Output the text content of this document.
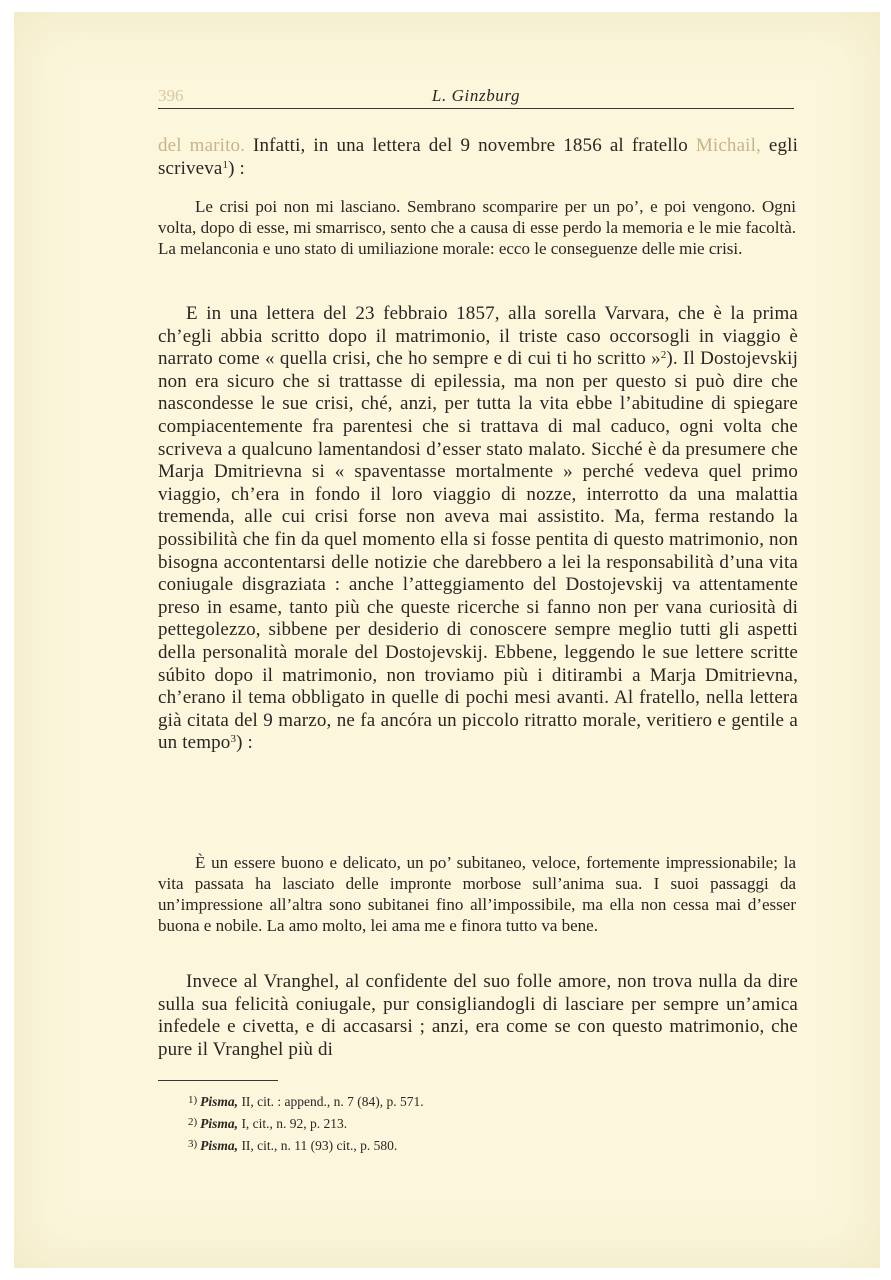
396	L. Ginzburg
del marito. Infatti, in una lettera del 9 novembre 1856 al fratello Michail, egli scriveva$^1$) :
Le crisi poi non mi lasciano. Sembrano scomparire per un po’, e poi vengono. Ogni volta, dopo di esse, mi smarrisco, sento che a causa di esse perdo la memoria e le mie facoltà. La melanconia e uno stato di umiliazione morale: ecco le conseguenze delle mie crisi.
E in una lettera del 23 febbraio 1857, alla sorella Varvara, che è la prima ch’egli abbia scritto dopo il matrimonio, il triste caso occorsogli in viaggio è narrato come « quella crisi, che ho sempre e di cui ti ho scritto »$^2$). Il Dostojevskij non era sicuro che si trattasse di epilessia, ma non per questo si può dire che nascondesse le sue crisi, ché, anzi, per tutta la vita ebbe l’abitudine di spiegare compiacentemente fra parentesi che si trattava di mal caduco, ogni volta che scriveva a qualcuno lamentandosi d’esser stato malato. Sicché è da presumere che Marja Dmitrievna si « spaventasse mortalmente » perché vedeva quel primo viaggio, ch’era in fondo il loro viaggio di nozze, interrotto da una malattia tremenda, alle cui crisi forse non aveva mai assistito. Ma, ferma restando la possibilità che fin da quel momento ella si fosse pentita di questo matrimonio, non bisogna accontentarsi delle notizie che darebbero a lei la responsabilità d’una vita coniugale disgraziata : anche l’atteggiamento del Dostojevskij va attentamente preso in esame, tanto più che queste ricerche si fanno non per vana curiosità di pettegolezzo, sibbene per desiderio di conoscere sempre meglio tutti gli aspetti della personalità morale del Dostojevskij. Ebbene, leggendo le sue lettere scritte súbito dopo il matrimonio, non troviamo più i ditirambi a Marja Dmitrievna, ch’erano il tema obbligato in quelle di pochi mesi avanti. Al fratello, nella lettera già citata del 9 marzo, ne fa ancóra un piccolo ritratto morale, veritiero e gentile a un tempo$^3$) :
È un essere buono e delicato, un po’ subitaneo, veloce, fortemente impressionabile; la vita passata ha lasciato delle impronte morbose sull’anima sua. I suoi passaggi da un’impressione all’altra sono subitanei fino all’impossibile, ma ella non cessa mai d’esser buona e nobile. La amo molto, lei ama me e finora tutto va bene.
Invece al Vranghel, al confidente del suo folle amore, non trova nulla da dire sulla sua felicità coniugale, pur consigliandogli di lasciare per sempre un’amica infedele e civetta, e di accasarsi ; anzi, era come se con questo matrimonio, che pure il Vranghel più di
$^{1)}$ Pisma, II, cit. : append., n. 7 (84), p. 571.
$^{2)}$ Pisma, I, cit., n. 92, p. 213.
$^{3)}$ Pisma, II, cit., n. 11 (93) cit., p. 580.
